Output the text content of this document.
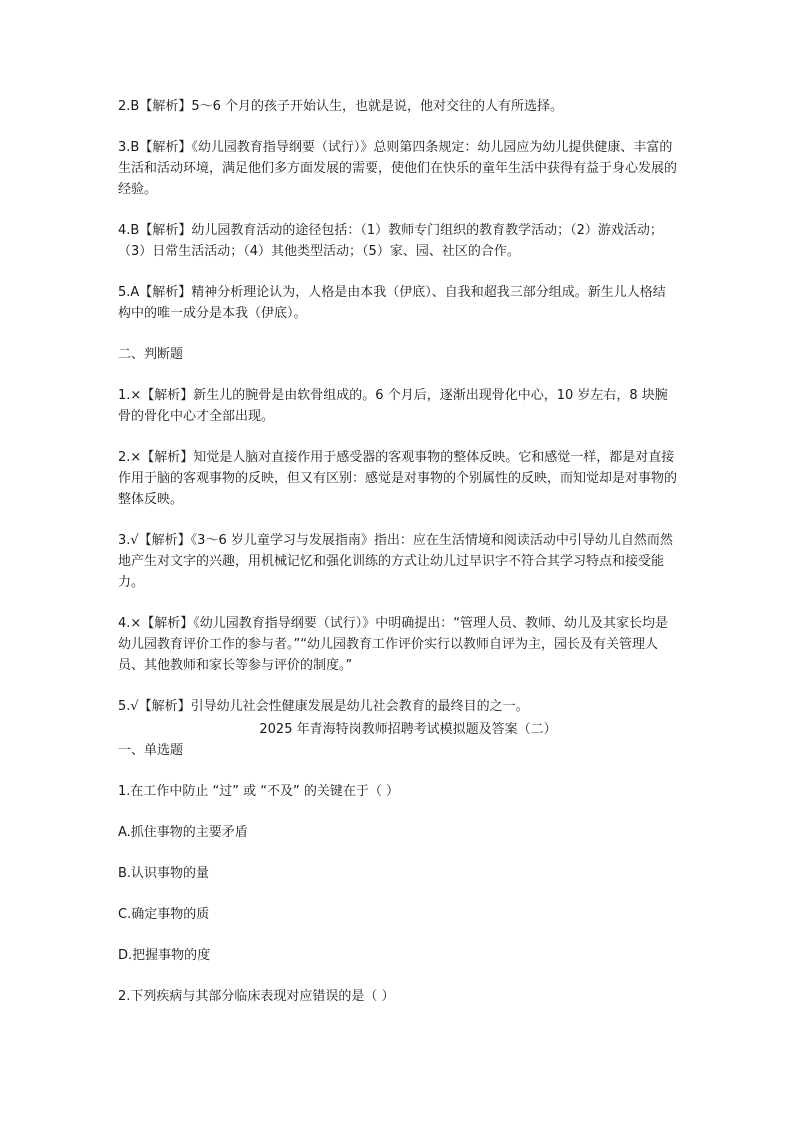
2.B【解析】5～6 个月的孩子开始认生，也就是说，他对交往的人有所选择。

3.B【解析】《幼儿园教育指导纲要（试行）》总则第四条规定：幼儿园应为幼儿提供健康、丰富的生活和活动环境，满足他们多方面发展的需要，使他们在快乐的童年生活中获得有益于身心发展的经验。

4.B【解析】幼儿园教育活动的途径包括：（1）教师专门组织的教育教学活动；（2）游戏活动；（3）日常生活活动；（4）其他类型活动；（5）家、园、社区的合作。

5.A【解析】精神分析理论认为，人格是由本我（伊底）、自我和超我三部分组成。新生儿人格结构中的唯一成分是本我（伊底）。

二、判断题

1.×【解析】新生儿的腕骨是由软骨组成的。6 个月后，逐渐出现骨化中心，10 岁左右，8 块腕骨的骨化中心才全部出现。

2.×【解析】知觉是人脑对直接作用于感受器的客观事物的整体反映。它和感觉一样，都是对直接作用于脑的客观事物的反映，但又有区别：感觉是对事物的个别属性的反映，而知觉却是对事物的整体反映。

3.√【解析】《3～6 岁儿童学习与发展指南》指出：应在生活情境和阅读活动中引导幼儿自然而然地产生对文字的兴趣，用机械记忆和强化训练的方式让幼儿过早识字不符合其学习特点和接受能力。

4.×【解析】《幼儿园教育指导纲要（试行）》中明确提出：“管理人员、教师、幼儿及其家长均是幼儿园教育评价工作的参与者。”“幼儿园教育工作评价实行以教师自评为主，园长及有关管理人员、其他教师和家长等参与评价的制度。”

5.√【解析】引导幼儿社会性健康发展是幼儿社会教育的最终目的之一。

2025 年青海特岗教师招聘考试模拟题及答案（二）

一、单选题

1.在工作中防止 “过” 或 “不及” 的关键在于（ ）

A.抓住事物的主要矛盾

B.认识事物的量

C.确定事物的质

D.把握事物的度

2.下列疾病与其部分临床表现对应错误的是（ ）
